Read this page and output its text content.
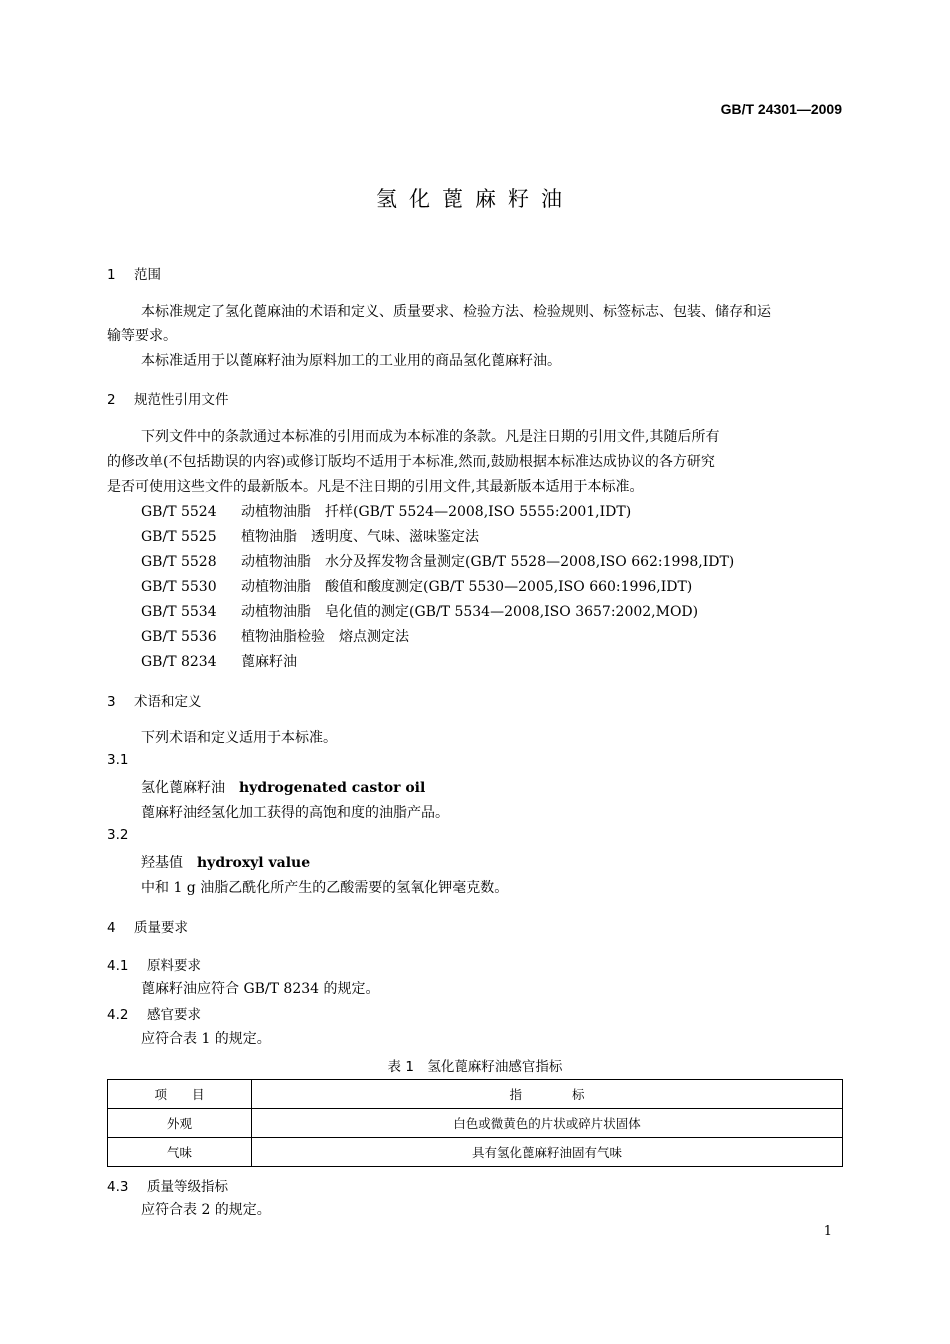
GB/T 24301—2009
氢化蓖麻籽油
1 范围
本标准规定了氢化蓖麻油的术语和定义、质量要求、检验方法、检验规则、标签标志、包装、储存和运
输等要求。
本标准适用于以蓖麻籽油为原料加工的工业用的商品氢化蓖麻籽油。
2 规范性引用文件
下列文件中的条款通过本标准的引用而成为本标准的条款。凡是注日期的引用文件,其随后所有
的修改单(不包括勘误的内容)或修订版均不适用于本标准,然而,鼓励根据本标准达成协议的各方研究
是否可使用这些文件的最新版本。凡是不注日期的引用文件,其最新版本适用于本标准。
GB/T 5524 动植物油脂　扦样(GB/T 5524—2008,ISO 5555:2001,IDT)
GB/T 5525 植物油脂　透明度、气味、滋味鉴定法
GB/T 5528 动植物油脂　水分及挥发物含量测定(GB/T 5528—2008,ISO 662:1998,IDT)
GB/T 5530 动植物油脂　酸值和酸度测定(GB/T 5530—2005,ISO 660:1996,IDT)
GB/T 5534 动植物油脂　皂化值的测定(GB/T 5534—2008,ISO 3657:2002,MOD)
GB/T 5536 植物油脂检验　熔点测定法
GB/T 8234 蓖麻籽油
3 术语和定义
下列术语和定义适用于本标准。
3.1
氢化蓖麻籽油　 hydrogenated castor oil
蓖麻籽油经氢化加工获得的高饱和度的油脂产品。
3.2
羟基值　 hydroxyl value
中和 1 g 油脂乙酰化所产生的乙酸需要的氢氧化钾毫克数。
4 质量要求
4.1 原料要求
蓖麻籽油应符合 GB/T 8234 的规定。
4.2 感官要求
应符合表 1 的规定。
表 1　氢化蓖麻籽油感官指标
项　　目	指　　　　标
外观	白色或微黄色的片状或碎片状固体
气味	具有氢化蓖麻籽油固有气味
4.3 质量等级指标
应符合表 2 的规定。
1
